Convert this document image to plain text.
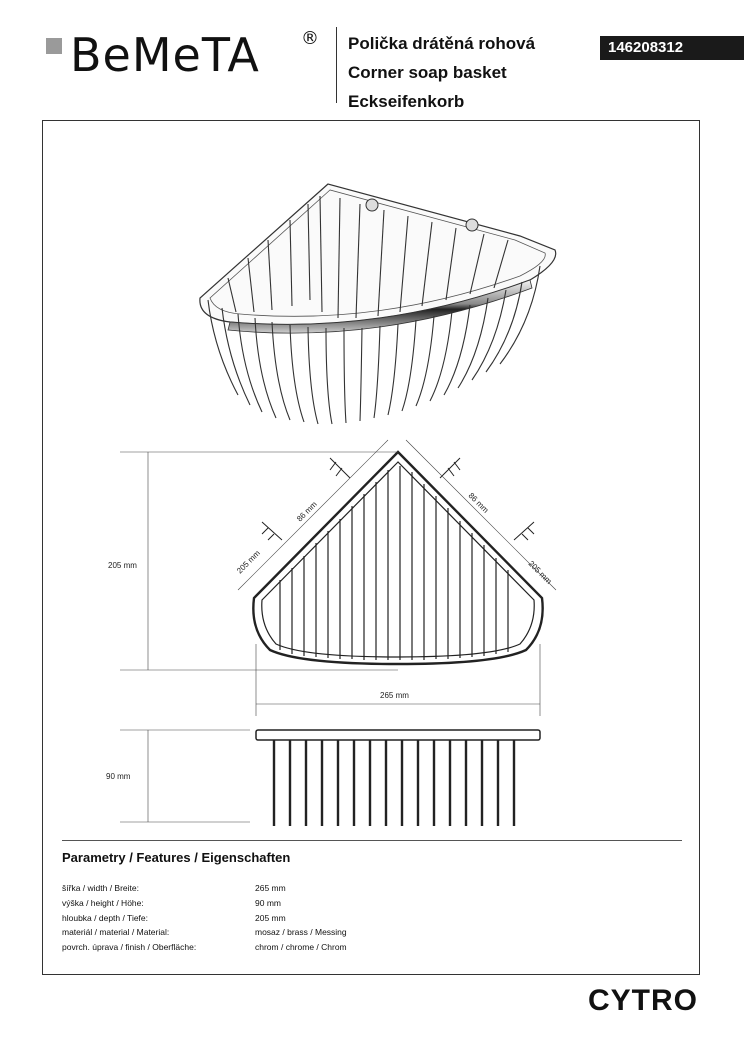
BeMeTA ® Polička drátěná rohová
Corner soap basket
Eckseifenkorb
146208312
205 mm
265 mm
90 mm
86 mm	86 mm
205 mm	205 mm
Parametry / Features / Eigenschaften
šířka / width / Breite:	265 mm
výška / height / Höhe:	90 mm
hloubka / depth / Tiefe:	205 mm
materiál / material / Material:	mosaz / brass / Messing
povrch. úprava / finish / Oberfläche:	chrom / chrome / Chrom
CYTRO
